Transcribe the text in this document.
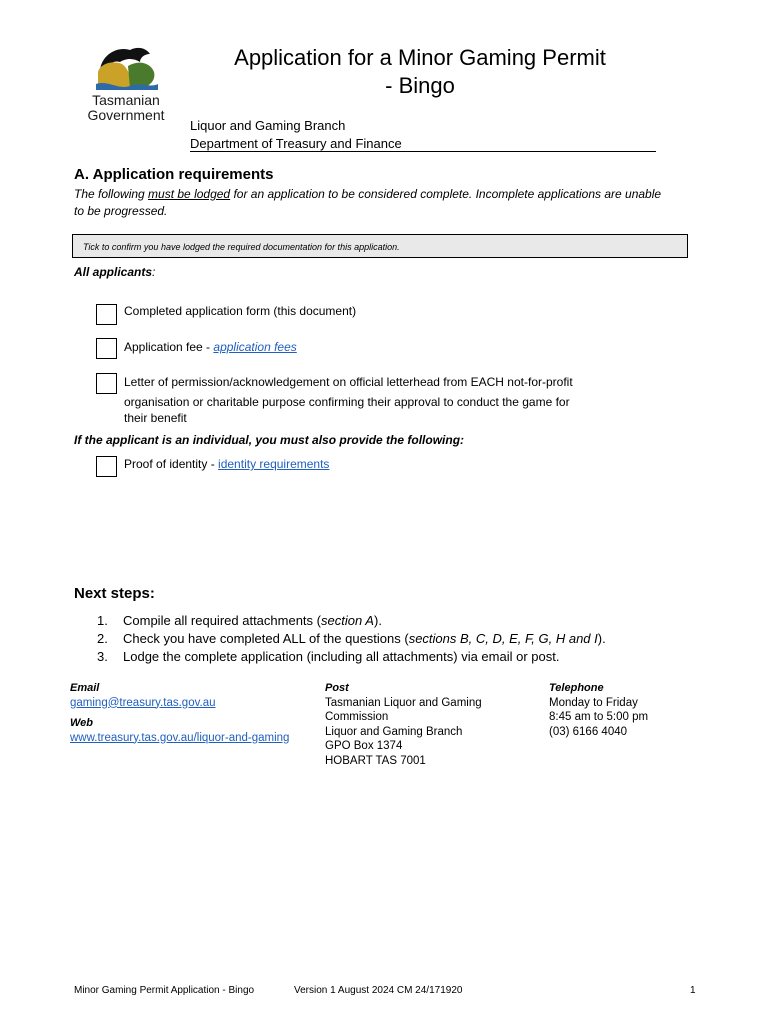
Tasmanian
Government
Application for a Minor Gaming Permit
- Bingo
Liquor and Gaming Branch
Department of Treasury and Finance
A. Application requirements
The following must be lodged for an application to be considered complete. Incomplete applications are unable
to be progressed.
Tick to confirm you have lodged the required documentation for this application.
All applicants:
Completed application form (this document)
Application fee - application fees
Letter of permission/acknowledgement on official letterhead from EACH not-for-profit
organisation or charitable purpose confirming their approval to conduct the game for
their benefit
If the applicant is an individual, you must also provide the following:
Proof of identity - identity requirements
Next steps:
1. Compile all required attachments (section A).
2. Check you have completed ALL of the questions (sections B, C, D, E, F, G, H and I).
3. Lodge the complete application (including all attachments) via email or post.
Email
gaming@treasury.tas.gov.au
Web
www.treasury.tas.gov.au/liquor-and-gaming
Post
Tasmanian Liquor and Gaming
Commission
Liquor and Gaming Branch
GPO Box 1374
HOBART TAS 7001
Telephone
Monday to Friday
8:45 am to 5:00 pm
(03) 6166 4040
Minor Gaming Permit Application - Bingo	Version 1 August 2024 CM 24/171920	1
